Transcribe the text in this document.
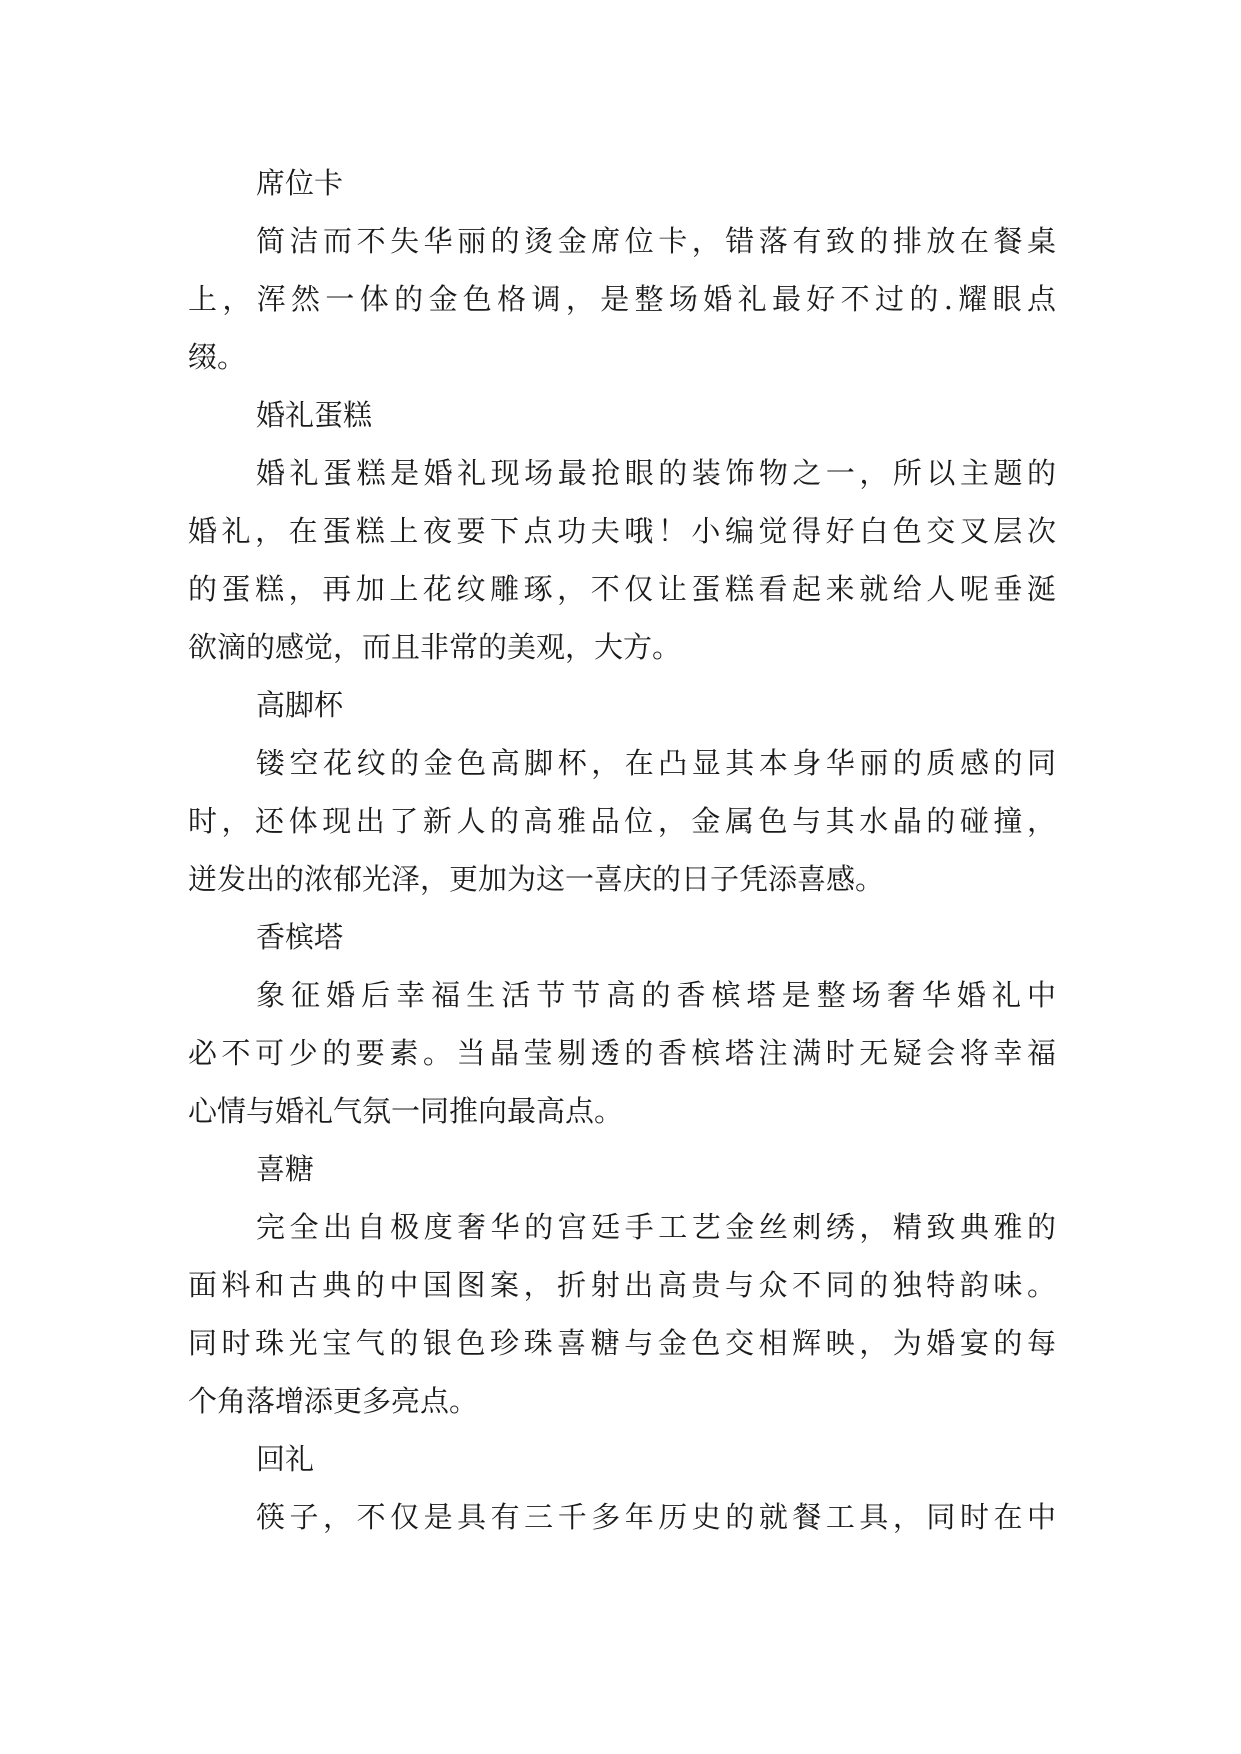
席位卡
简洁而不失华丽的烫金席位卡，错落有致的排放在餐桌
上，浑然一体的金色格调，是整场婚礼最好不过的.耀眼点
缀。
婚礼蛋糕
婚礼蛋糕是婚礼现场最抢眼的装饰物之一，所以主题的
婚礼，在蛋糕上夜要下点功夫哦！小编觉得好白色交叉层次
的蛋糕，再加上花纹雕琢，不仅让蛋糕看起来就给人呢垂涎
欲滴的感觉，而且非常的美观，大方。
高脚杯
镂空花纹的金色高脚杯，在凸显其本身华丽的质感的同
时，还体现出了新人的高雅品位，金属色与其水晶的碰撞，
迸发出的浓郁光泽，更加为这一喜庆的日子凭添喜感。
香槟塔
象征婚后幸福生活节节高的香槟塔是整场奢华婚礼中
必不可少的要素。当晶莹剔透的香槟塔注满时无疑会将幸福
心情与婚礼气氛一同推向最高点。
喜糖
完全出自极度奢华的宫廷手工艺金丝刺绣，精致典雅的
面料和古典的中国图案，折射出高贵与众不同的独特韵味。
同时珠光宝气的银色珍珠喜糖与金色交相辉映，为婚宴的每
个角落增添更多亮点。
回礼
筷子，不仅是具有三千多年历史的就餐工具，同时在中
